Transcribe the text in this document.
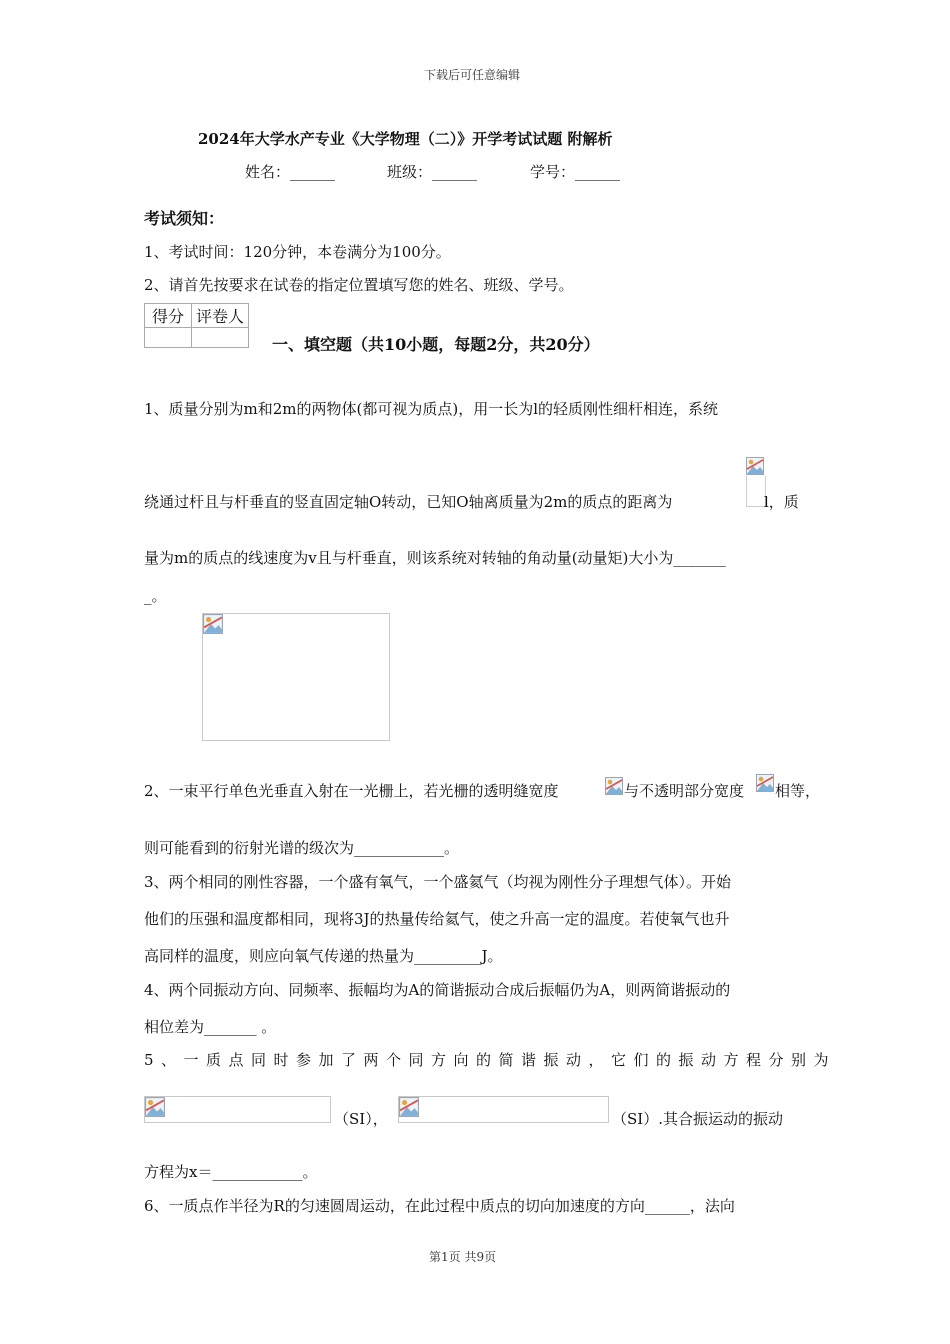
下载后可任意编辑
2024年大学水产专业《大学物理（二）》开学考试试题 附解析
姓名：______	班级：______	学号：______
考试须知：
1、考试时间：120分钟，本卷满分为100分。
2、请首先按要求在试卷的指定位置填写您的姓名、班级、学号。
得分	评卷人

一、填空题（共10小题，每题2分，共20分）
1、质量分别为m和2m的两物体(都可视为质点)，用一长为l的轻质刚性细杆相连，系统
绕通过杆且与杆垂直的竖直固定轴O转动，已知O轴离质量为2m的质点的距离为	l，质
量为m的质点的线速度为v且与杆垂直，则该系统对转轴的角动量(动量矩)大小为_______
_。
2、一束平行单色光垂直入射在一光栅上，若光栅的透明缝宽度	与不透明部分宽度 相等，
则可能看到的衍射光谱的级次为____________。
3、两个相同的刚性容器，一个盛有氧气，一个盛氦气（均视为刚性分子理想气体）。开始
他们的压强和温度都相同，现将3J的热量传给氦气，使之升高一定的温度。若使氧气也升
高同样的温度，则应向氧气传递的热量为_________J。
4、两个同振动方向、同频率、振幅均为A的简谐振动合成后振幅仍为A，则两简谐振动的
相位差为_______ 。
5、一质点同时参加了两个同方向的简谐振动，它们的振动方程分别为
（SI），	（SI）.其合振运动的振动
方程为x＝____________。
6、一质点作半径为R的匀速圆周运动，在此过程中质点的切向加速度的方向______，法向
第1页 共9页
